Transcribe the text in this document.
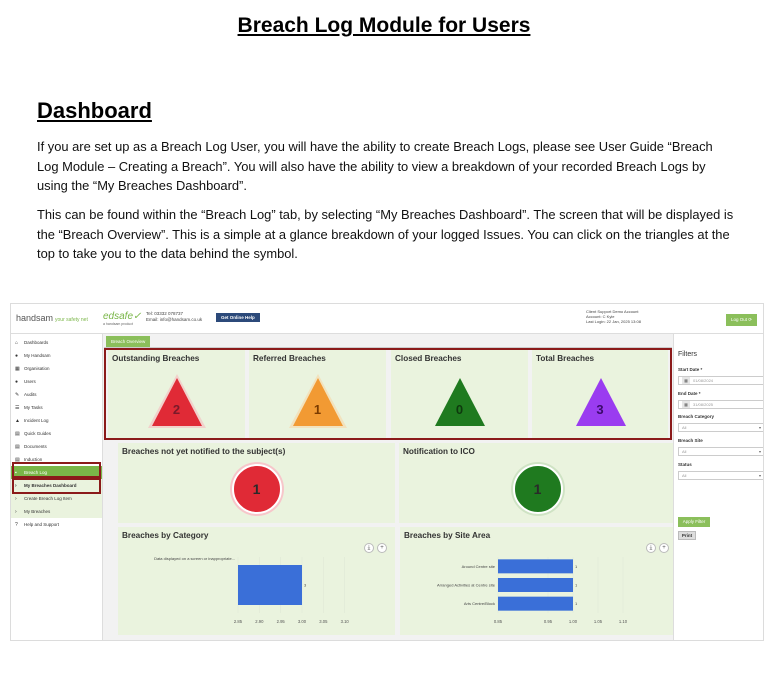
Breach Log Module for Users
Dashboard
If you are set up as a Breach Log User, you will have the ability to create Breach Logs, please see User Guide “Breach Log Module – Creating a Breach”. You will also have the ability to view a breakdown of your recorded Breach Logs by using the “My Breaches Dashboard”.
This can be found within the “Breach Log” tab, by selecting “My Breaches Dashboard”. The screen that will be displayed is the “Breach Overview”. This is a simple at a glance breakdown of your logged Issues. You can click on the triangles at the top to take you to the data behind the symbol.
handsam your safety net edsafe✓
a handsam product
Tel: 03332 078737
Email: info@handsam.co.uk	Get Online Help
Client Support Demo Account
Account: C Kyle
Last Login: 22 Jan, 2025 13:08	Log Out ⟳
⌂	Dashboards
●	My Handsam
▦ Organisation
●	Users
✎	Audits
☰	My Tasks
▲ Incident Log
▤ Quick Guides
▤ Documents
▤ Induction
▪	Breach Log
›	My Breaches Dashboard
›	Create Breach Log Item
›	My Breaches
?	Help and Support
Breach Overview
Outstanding Breaches
2
Referred Breaches
1
Closed Breaches
0
Total Breaches
3
Breaches not yet notified to the subject(s)
1
Notification to ICO
1
Breaches by Category
⤓	+
2.85	2.90	2.95	3.00	3.05	3.10
Data displayed on a screen or inappropriate...
3
Breaches by Site Area
⤓	+
0.85	0.95	1.00	1.05	1.10
Around Centre site	1
Arranged Activities at Centre site	1
Arts Centre/Block	1
Filters
Start Date *
▦ 01/08/2024
End Date *
▦ 31/08/2025
Breach Category
All	▾
Breach Site
All	▾
Status
All	▾
Apply Filter
Print
